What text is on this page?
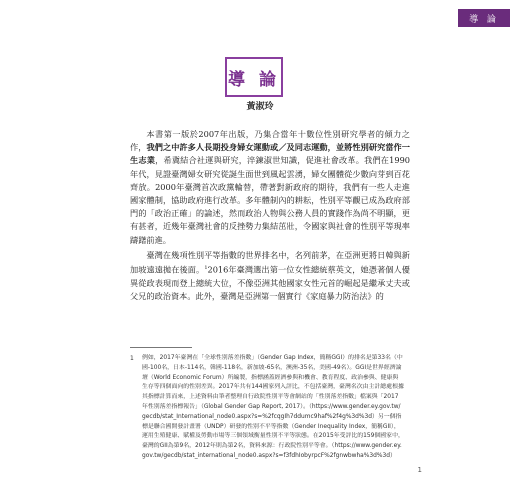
導 論
導 論
黃淑玲

本書第一版於2007年出版，乃集合當年十數位性別研究學者的傾力之作，我們之中許多人長期投身婦女運動或／及同志運動，並將性別研究當作一生志業，希冀結合社運與研究，淬鍊淑世知識，促進社會改革。我們在1990年代，見證臺灣婦女研究從誕生面世到風起雲湧，婦女團體從少數向芽到百花齊放。2000年臺灣首次政黨輪替，帶著對新政府的期待，我們有一些人走進國家體制，協助政府進行改革。多年體制內的耕耘，性別平等觀已成為政府部門的「政治正確」的論述，然而政治人物與公務人員的實踐作為尚不明顯，更有甚者，近幾年臺灣社會的反挫勢力集結茁壯，令國家與社會的性別平等現率躊躇前進。

臺灣在幾項性別平等指數的世界排名中，名列前茅，在亞洲更將日韓與新加坡遠遠拋在後面。$^1$2016年臺灣選出第一位女性總統蔡英文，她憑著個人優異從政表現而登上總統大位，不像亞洲其他國家女性元首的崛起是繼承丈夫或父兄的政治資本。此外，臺灣是亞洲第一個實行《家庭暴力防治法》的

1 例如，2017年臺灣在「全球性別落差指數」（Gender Gap Index，簡稱GGI）的排名是第33名（中國-100名，日本-114名，韓國-118名，新加坡-65名，澳洲-35名，美國-49名）。GGI是世界經濟論壇（World Economic Forum）所編製，指標涵蓋經濟參與和機會、教育程度、政治參與、健康與生存等四個面向的性別差異。2017年共有144國家列入評比，不包括臺灣，臺灣名次由主計總處根據其指標計算而來，上述資料由筆者整理自行政院性別平等會網站的「性別落差指數」檔案與「2017年性別落差指標報告」（Global Gender Gap Report, 2017）。（https://www.gender.ey.gov.tw/gecdb/stat_International_node0.aspx?s=%2fcqgIh7ddumc9haf%2f4g%3d%3d）另一個指標是聯合國開發計畫署（UNDP）研發的性別不平等指數（Gender Inequality Index，簡稱GII），運用生殖健康、賦權及勞動市場等三個領域衡量性別不平等狀態。在2015年受評比的159個國家中，臺灣的GII為第9名，2012年則為第2名，資料來源：行政院性別平等會。（https://www.gender.ey.gov.tw/gecdb/stat_international_node0.aspx?s=f3fdhIobyrpcF%2fgnwbwha%3d%3d）
1
